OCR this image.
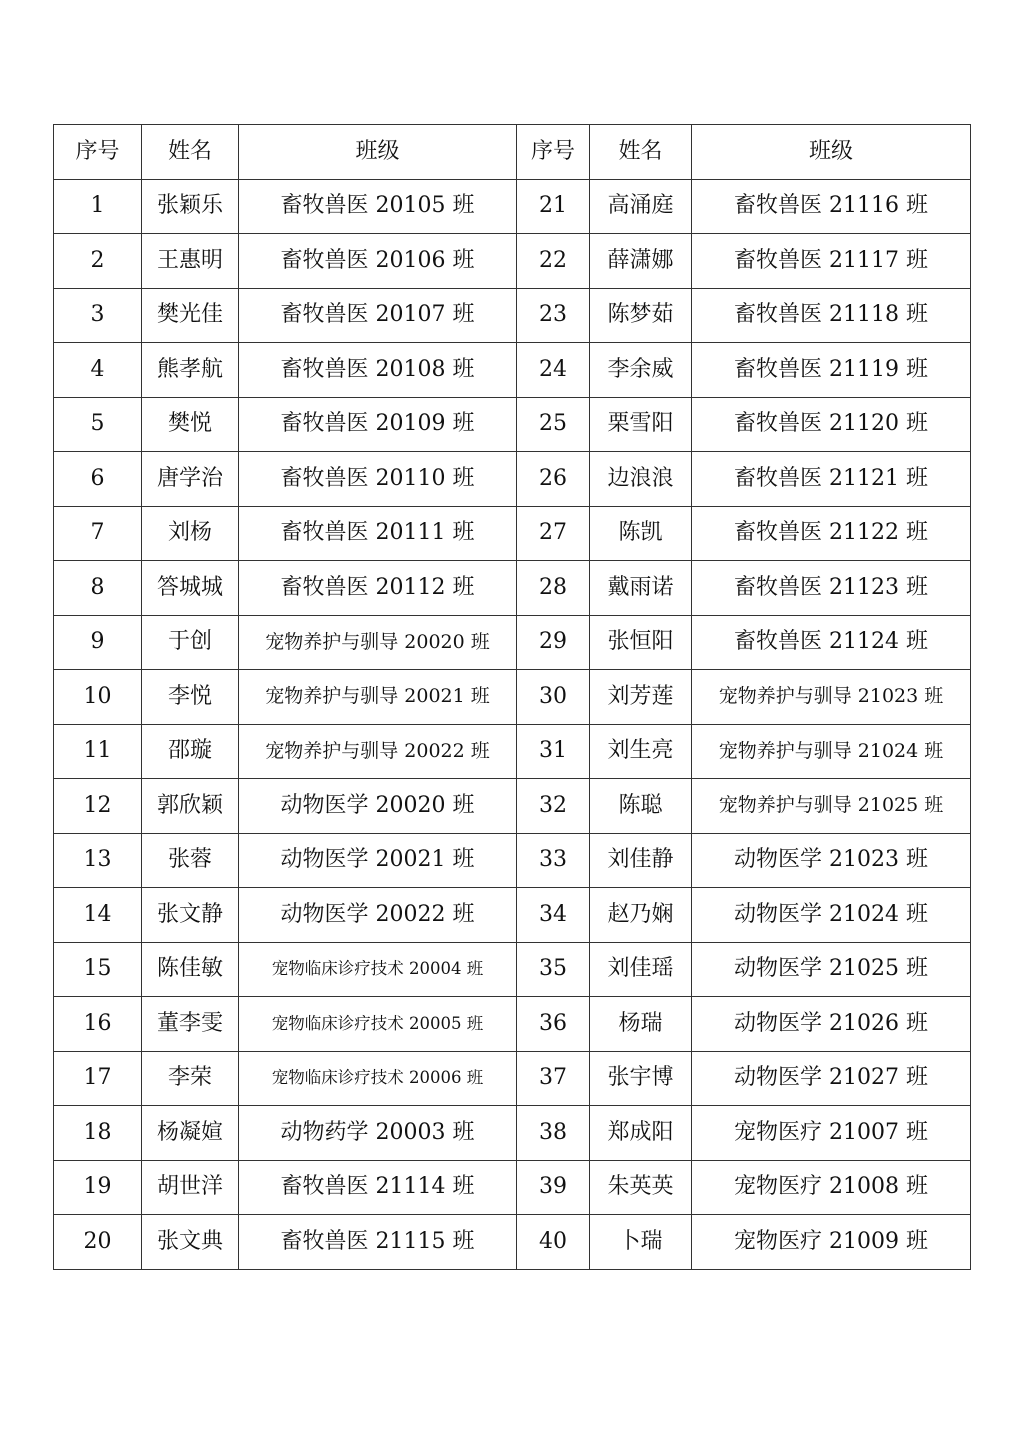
序号	姓名	班级	序号	姓名	班级
1	张颖乐	畜牧兽医 20105 班	21	高涌庭	畜牧兽医 21116 班
2	王惠明	畜牧兽医 20106 班	22	薛潇娜	畜牧兽医 21117 班
3	樊光佳	畜牧兽医 20107 班	23	陈梦茹	畜牧兽医 21118 班
4	熊孝航	畜牧兽医 20108 班	24	李余威	畜牧兽医 21119 班
5	樊悦	畜牧兽医 20109 班	25	栗雪阳	畜牧兽医 21120 班
6	唐学治	畜牧兽医 20110 班	26	边浪浪	畜牧兽医 21121 班
7	刘杨	畜牧兽医 20111 班	27	陈凯	畜牧兽医 21122 班
8	答城城	畜牧兽医 20112 班	28	戴雨诺	畜牧兽医 21123 班
9	于创	宠物养护与驯导 20020 班	29	张恒阳	畜牧兽医 21124 班
10	李悦	宠物养护与驯导 20021 班	30	刘芳莲	宠物养护与驯导 21023 班
11	邵璇	宠物养护与驯导 20022 班	31	刘生亮	宠物养护与驯导 21024 班
12	郭欣颖	动物医学 20020 班	32	陈聪	宠物养护与驯导 21025 班
13	张蓉	动物医学 20021 班	33	刘佳静	动物医学 21023 班
14	张文静	动物医学 20022 班	34	赵乃娴	动物医学 21024 班
15	陈佳敏	宠物临床诊疗技术 20004 班	35	刘佳瑶	动物医学 21025 班
16	董李雯	宠物临床诊疗技术 20005 班	36	杨瑞	动物医学 21026 班
17	李荣	宠物临床诊疗技术 20006 班	37	张宇博	动物医学 21027 班
18	杨凝媗	动物药学 20003 班	38	郑成阳	宠物医疗 21007 班
19	胡世洋	畜牧兽医 21114 班	39	朱英英	宠物医疗 21008 班
20	张文典	畜牧兽医 21115 班	40	卜瑞	宠物医疗 21009 班
